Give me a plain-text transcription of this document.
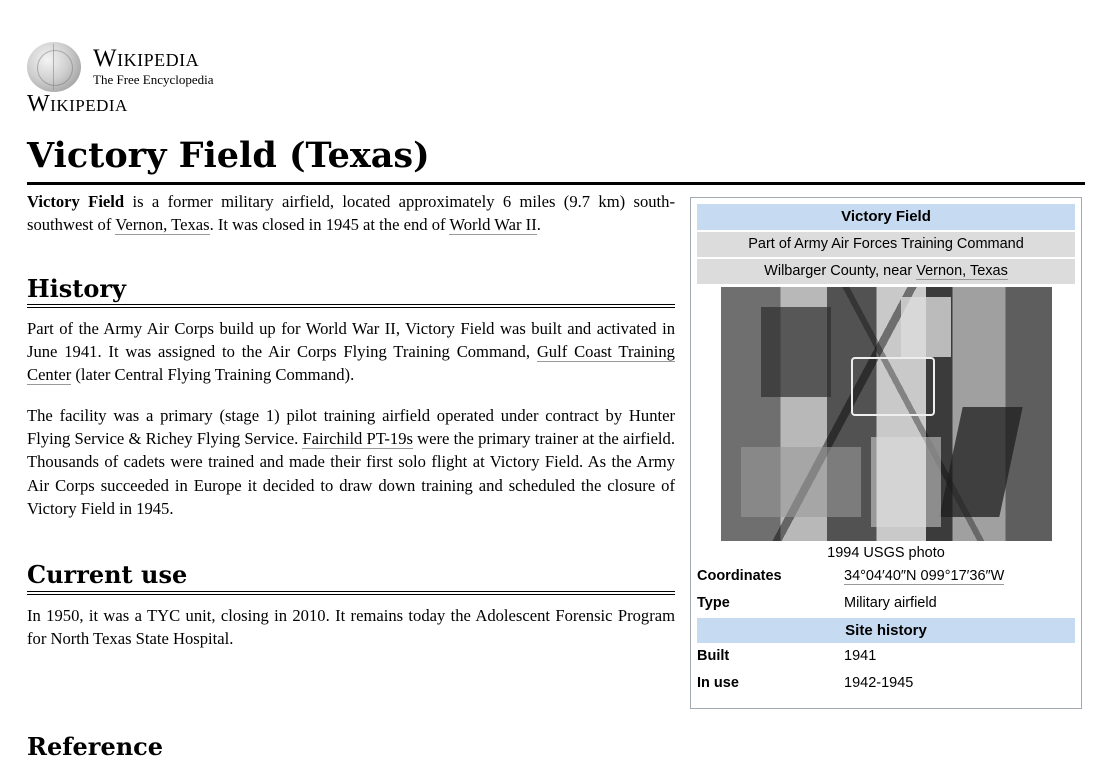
Wikipedia
The Free Encyclopedia

Wikipedia

Victory Field (Texas)

Victory Field is a former military airfield, located approximately 6 miles (9.7 km) south-southwest of Vernon, Texas. It was closed in 1945 at the end of World War II.

History

Part of the Army Air Corps build up for World War II, Victory Field was built and activated in June 1941. It was assigned to the Air Corps Flying Training Command, Gulf Coast Training Center (later Central Flying Training Command).

The facility was a primary (stage 1) pilot training airfield operated under contract by Hunter Flying Service & Richey Flying Service. Fairchild PT-19s were the primary trainer at the airfield. Thousands of cadets were trained and made their first solo flight at Victory Field. As the Army Air Corps succeeded in Europe it decided to draw down training and scheduled the closure of Victory Field in 1945.

Current use

In 1950, it was a TYC unit, closing in 2010. It remains today the Adolescent Forensic Program for North Texas State Hospital.

Reference
Victory Field
Part of Army Air Forces Training Command
Wilbarger County, near Vernon, Texas
1994 USGS photo
Coordinates	34°04′40″N 099°17′36″W
Type	Military airfield
Site history
Built	1941
In use	1942-1945
